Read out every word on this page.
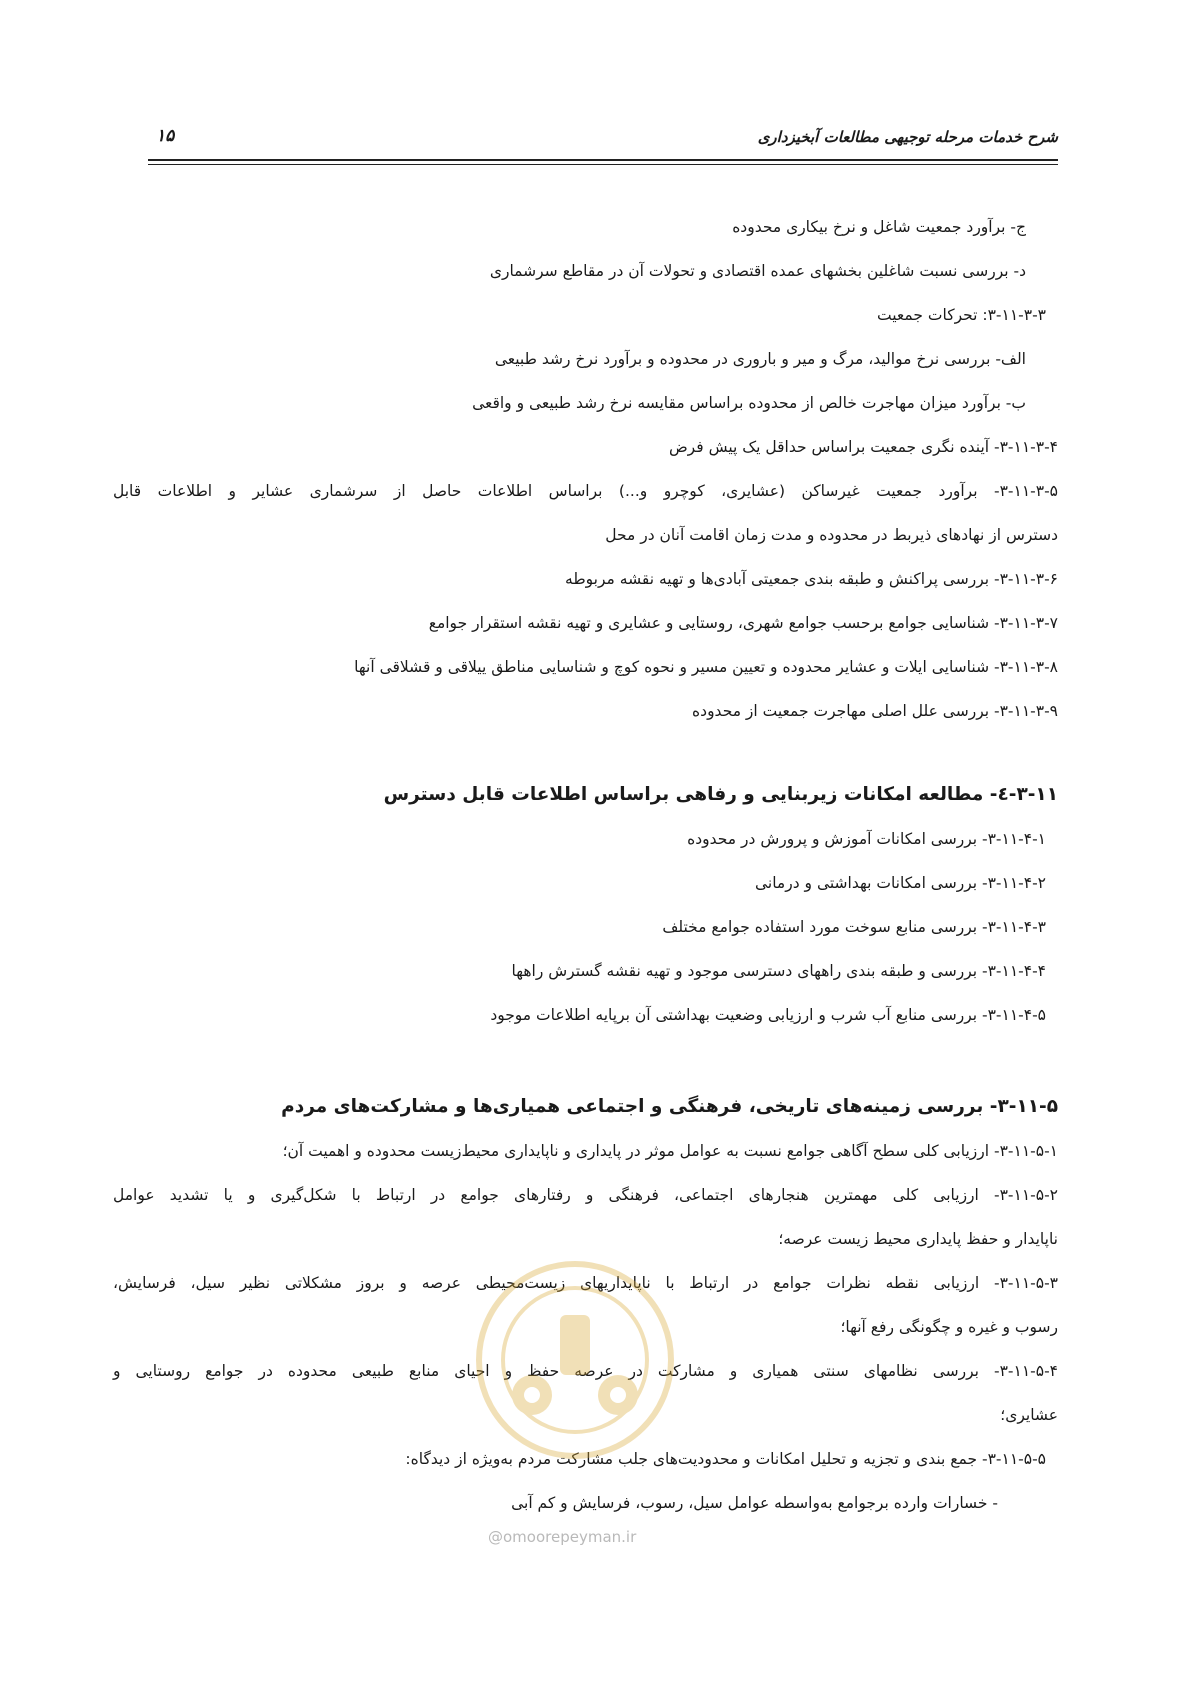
شرح خدمات مرحله توجیهی مطالعات آبخیزداری
۱۵
ج- برآورد جمعیت شاغل و نرخ بیکاری محدوده
د- بررسی نسبت شاغلین بخشهای عمده اقتصادی و تحولات آن در مقاطع سرشماری
۳-۱۱-۳-۳: تحرکات جمعیت
الف- بررسی نرخ موالید، مرگ و میر و باروری در محدوده و برآورد نرخ رشد طبیعی
ب- برآورد میزان مهاجرت خالص از محدوده براساس مقایسه نرخ رشد طبیعی و واقعی
۳-۱۱-۳-۴- آینده نگری جمعیت براساس حداقل یک پیش فرض
۳-۱۱-۳-۵- برآورد جمعیت غیرساکن (عشایری، کوچرو و...) براساس اطلاعات حاصل از سرشماری عشایر و اطلاعات قابل
دسترس از نهادهای ذیربط در محدوده و مدت زمان اقامت آنان در محل
۳-۱۱-۳-۶- بررسی پراکنش و طبقه بندی جمعیتی آبادی‌ها و تهیه نقشه مربوطه
۳-۱۱-۳-۷- شناسایی جوامع برحسب جوامع شهری، روستایی و عشایری و تهیه نقشه استقرار جوامع
۳-۱۱-۳-۸- شناسایی ایلات و عشایر محدوده و تعیین مسیر و نحوه کوچ و شناسایی مناطق ییلاقی و قشلاقی آنها
۳-۱۱-۳-۹- بررسی علل اصلی مهاجرت جمعیت از محدوده
۳-۱۱-٤- مطالعه امکانات زیربنایی و رفاهی براساس اطلاعات قابل دسترس
۳-۱۱-۴-۱- بررسی امکانات آموزش و پرورش در محدوده
۳-۱۱-۴-۲- بررسی امکانات بهداشتی و درمانی
۳-۱۱-۴-۳- بررسی منابع سوخت مورد استفاده جوامع مختلف
۳-۱۱-۴-۴- بررسی و طبقه بندی راههای دسترسی موجود و تهیه نقشه گسترش راهها
۳-۱۱-۴-۵- بررسی منابع آب شرب و ارزیابی وضعیت بهداشتی آن برپایه اطلاعات موجود
۳-۱۱-۵- بررسی زمینه‌های تاریخی، فرهنگی و اجتماعی همیاری‌ها و مشارکت‌های مردم
۳-۱۱-۵-۱- ارزیابی کلی سطح آگاهی جوامع نسبت به عوامل موثر در پایداری و ناپایداری محیط‌زیست محدوده و اهمیت آن؛
۳-۱۱-۵-۲- ارزیابی کلی مهمترین هنجارهای اجتماعی، فرهنگی و رفتارهای جوامع در ارتباط با شکل‌گیری و یا تشدید عوامل
ناپایدار و حفظ پایداری محیط زیست عرصه؛
۳-۱۱-۵-۳- ارزیابی نقطه نظرات جوامع در ارتباط با ناپایداریهای زیست‌محیطی عرصه و بروز مشکلاتی نظیر سیل، فرسایش،
رسوب و غیره و چگونگی رفع آنها؛
۳-۱۱-۵-۴- بررسی نظامهای سنتی همیاری و مشارکت در عرصه حفظ و احیای منابع طبیعی محدوده در جوامع روستایی و
عشایری؛
۳-۱۱-۵-۵- جمع بندی و تجزیه و تحلیل امکانات و محدودیت‌های جلب مشارکت مردم به‌ویژه از دیدگاه:
- خسارات وارده برجوامع به‌واسطه عوامل سیل، رسوب، فرسایش و کم آبی
@omoorepeyman.ir
